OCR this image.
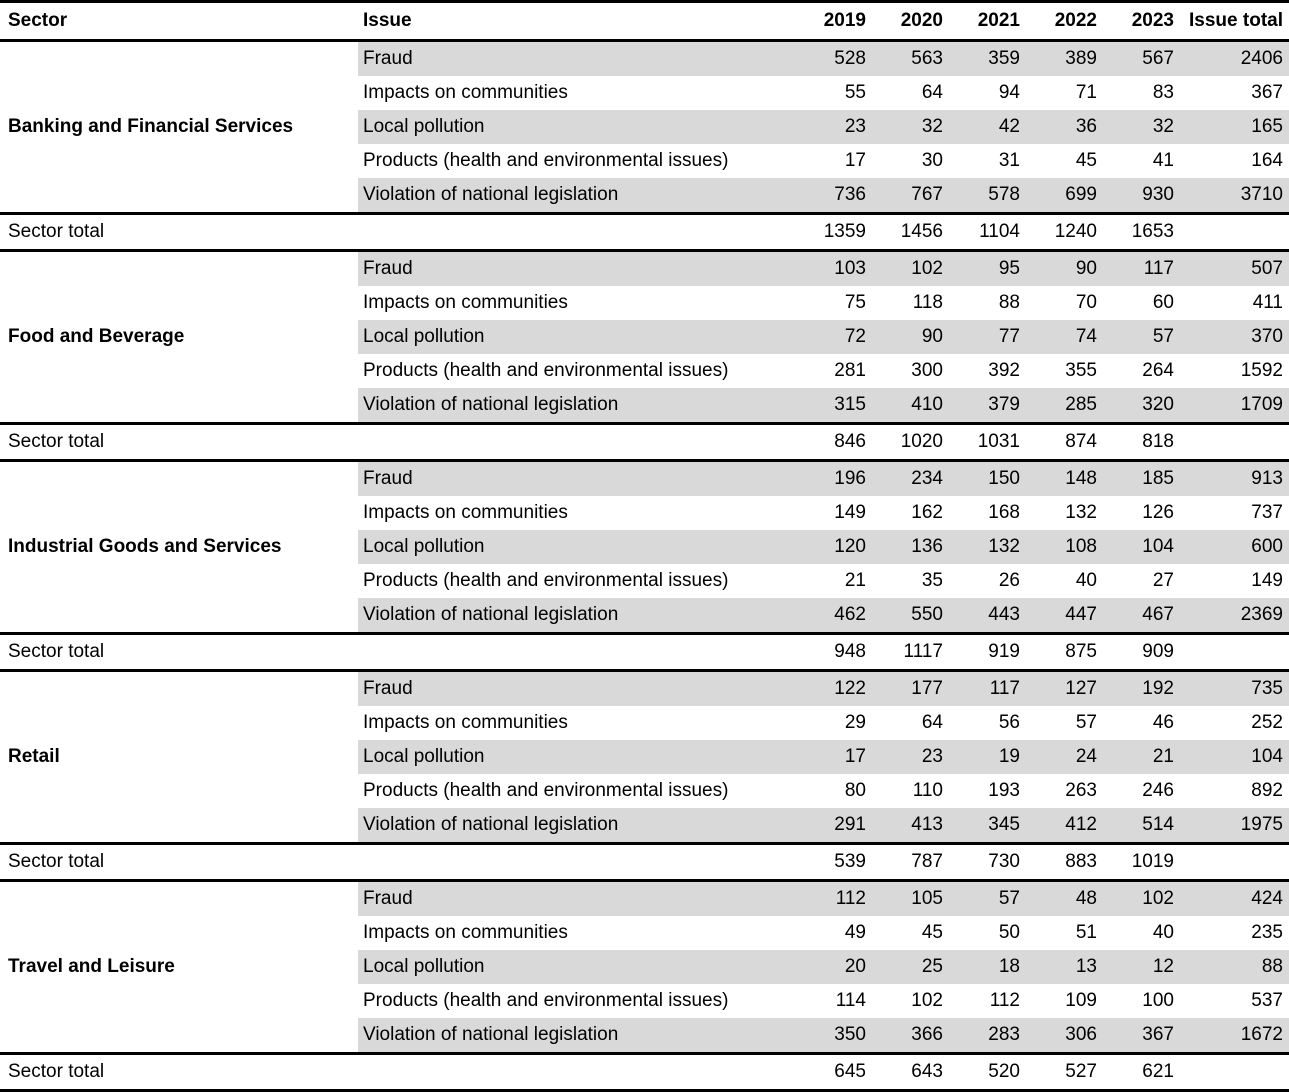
Sector	Issue	2019	2020	2021	2022	2023	Issue total
Banking and Financial Services	Fraud	528	563	359	389	567	2406
	Impacts on communities	55	64	94	71	83	367
	Local pollution	23	32	42	36	32	165
	Products (health and environmental issues)	17	30	31	45	41	164
	Violation of national legislation	736	767	578	699	930	3710
Sector total		1359	1456	1104	1240	1653	
Food and Beverage	Fraud	103	102	95	90	117	507
	Impacts on communities	75	118	88	70	60	411
	Local pollution	72	90	77	74	57	370
	Products (health and environmental issues)	281	300	392	355	264	1592
	Violation of national legislation	315	410	379	285	320	1709
Sector total		846	1020	1031	874	818	
Industrial Goods and Services	Fraud	196	234	150	148	185	913
	Impacts on communities	149	162	168	132	126	737
	Local pollution	120	136	132	108	104	600
	Products (health and environmental issues)	21	35	26	40	27	149
	Violation of national legislation	462	550	443	447	467	2369
Sector total		948	1117	919	875	909	
Retail	Fraud	122	177	117	127	192	735
	Impacts on communities	29	64	56	57	46	252
	Local pollution	17	23	19	24	21	104
	Products (health and environmental issues)	80	110	193	263	246	892
	Violation of national legislation	291	413	345	412	514	1975
Sector total		539	787	730	883	1019	
Travel and Leisure	Fraud	112	105	57	48	102	424
	Impacts on communities	49	45	50	51	40	235
	Local pollution	20	25	18	13	12	88
	Products (health and environmental issues)	114	102	112	109	100	537
	Violation of national legislation	350	366	283	306	367	1672
Sector total		645	643	520	527	621	
